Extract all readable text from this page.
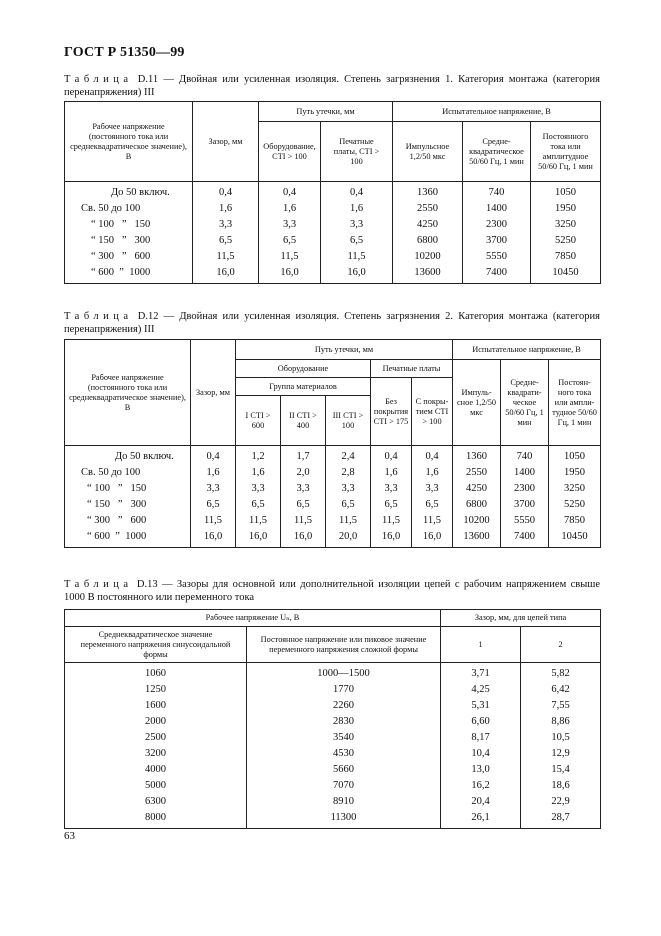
ГОСТ Р 51350—99
Таблица D.11 — Двойная или усиленная изоляция. Степень загрязнения 1. Категория монтажа (категория перенапряжения) III
Рабочее напряжение (постоянного тока или среднеквадратическое значение), В	Зазор, мм	Путь утечки, мм		Испытательное напряжение, В		
		Оборудование, CTI > 100	Печатные платы, CTI > 100	Импульсное 1,2/50 мкс	Средне-квадратическое 50/60 Гц, 1 мин	Постоянного тока или амплитудное 50/60 Гц, 1 мин
До 50 включ.	0,4	0,4	0,4	1360	740	1050
Св. 50 до 100	1,6	1,6	1,6	2550	1400	1950
“ 100   ”   150	3,3	3,3	3,3	4250	2300	3250
“ 150   ”   300	6,5	6,5	6,5	6800	3700	5250
“ 300   ”   600	11,5	11,5	11,5	10200	5550	7850
“ 600  ”  1000	16,0	16,0	16,0	13600	7400	10450
Таблица D.12 — Двойная или усиленная изоляция. Степень загрязнения 2. Категория монтажа (категория перенапряжения) III
Рабочее напряжение (постоянного тока или среднеквадратическое значение), В	Зазор, мм	Путь утечки, мм					Испытательное напряжение, В		
		Оборудование			Печатные платы		Импуль-сное 1,2/50 мкс	Средне-квадрати-ческое 50/60 Гц, 1 мин	Постоян-ного тока или ампли-тудное 50/60 Гц, 1 мин
		Группа материалов			Без покрытия CTI > 175	С покры-тием CTI > 100			
		I CTI > 600	II CTI > 400	III CTI > 100					
До 50 включ.	0,4	1,2	1,7	2,4	0,4	0,4	1360	740	1050
Св. 50 до 100	1,6	1,6	2,0	2,8	1,6	1,6	2550	1400	1950
“ 100   ”   150	3,3	3,3	3,3	3,3	3,3	3,3	4250	2300	3250
“ 150   ”   300	6,5	6,5	6,5	6,5	6,5	6,5	6800	3700	5250
“ 300   ”   600	11,5	11,5	11,5	11,5	11,5	11,5	10200	5550	7850
“ 600  ”  1000	16,0	16,0	16,0	20,0	16,0	16,0	13600	7400	10450
Таблица D.13 — Зазоры для основной или дополнительной изоляции цепей с рабочим напряжением свыше 1000 В постоянного или переменного тока
Рабочее напряжение Uₙ, В		Зазор, мм, для цепей типа	
Среднеквадратическое значение переменного напряжения синусоидальной формы	Постоянное напряжение или пиковое значение переменного напряжения сложной формы	1	2
1060	1000—1500	3,71	5,82
1250	1770	4,25	6,42
1600	2260	5,31	7,55
2000	2830	6,60	8,86
2500	3540	8,17	10,5
3200	4530	10,4	12,9
4000	5660	13,0	15,4
5000	7070	16,2	18,6
6300	8910	20,4	22,9
8000	11300	26,1	28,7
63
